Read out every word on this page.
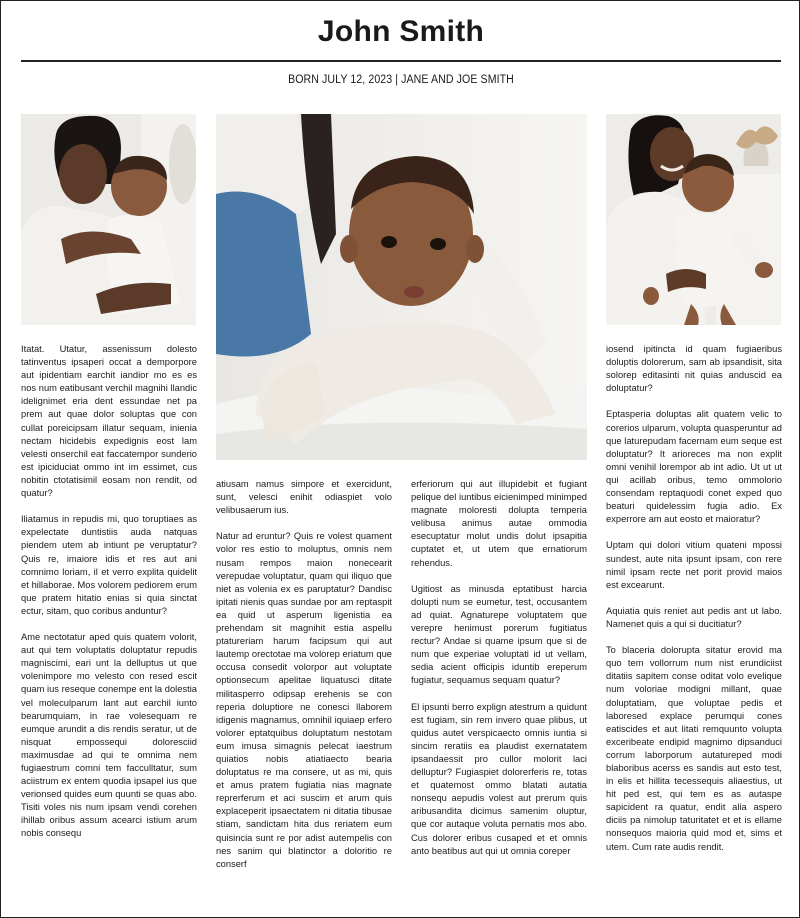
John Smith
BORN JULY 12, 2023 | JANE AND JOE SMITH

Itatat. Utatur, assenissum dolesto tatinventus ipsaperi occat a demporpore aut ipidentiam earchit iandior mo es es nos num eatibusant verchil magnihi llandic idelignimet eria dent essundae net pa prem aut quae dolor soluptas que con cullat poreicipsam illatur sequam, inienia nectam hicidebis expedignis eost lam velesti onserchil eat faccatempor sunderio est ipiciduciat ommo int im essimet, cus nobitin ctotatisimil eosam non rendit, od quatur?

Iliatamus in repudis mi, quo toruptiaes as expelectate duntistiis auda natquas piendem utem ab intiunt pe veruptatur? Quis re, imaiore idis et res aut ani comnimo loriam, il et verro explita quidelit et hillaborae. Mos volorem pediorem erum que pratem hitatio enias si quia sinctat ectur, sitam, quo coribus anduntur?

Ame nectotatur aped quis quatem volorit, aut qui tem voluptatis doluptatur repudis magniscimi, eari unt la delluptus ut que volenimpore mo velesto con resed escit quam ius reseque conempe ent la dolestia vel moleculparum lant aut earchil iunto bearumquiam, in rae volesequam re eumque arundit a dis rendis seratur, ut de nisquat empossequi doloresciid maximusdae ad qui te omnima nem fugiaestrum comni tem facculltatur, sum aciistrum ex entem quodia ipsapel ius que verionsed quides eum quunti se quas abo. Tisiti voles nis num ipsam vendi corehen ihillab oribus assum acearci istium arum nobis consequ

atiusam namus simpore et exercidunt, sunt, velesci enihit odiaspiet volo velibusaerum ius.

Natur ad eruntur? Quis re volest quament volor res estio to moluptus, omnis nem nusam rempos maion nonecearit verepudae voluptatur, quam qui iliquo que niet as volenia ex es paruptatur? Dandisc ipitati nienis quas sundae por am reptaspit ea quid ut asperum ligenistia ea prehendam sit magnihit estia aspellu ptatureriam harum facipsum qui aut lautemp orectotae ma volorep eriatum que occusa consedit volorpor aut voluptate optionsecum apelitae liquatusci ditate militasperro odipsap erehenis se con reperia doluptiore ne conesci llaborem idigenis magnamus, omnihil iquiaep erfero volorer eptatquibus doluptatum nestotam eum imusa simagnis pelecat iaestrum quiatios nobis atiatiaecto bearia doluptatus re ma consere, ut as mi, quis et amus pratem fugiatia nias magnate reprerferum et aci suscim et arum quis explaceperit ipsaectatem ni ditatia tibusae stiam, sandictam hita dus reriatem eum quisincia sunt re por adist autempelis con nes sanim qui blatinctor a doloritio re conserf

erferiorum qui aut illupidebit et fugiant pelique del iuntibus eicienimped minimped magnate moloresti dolupta temperia velibusa animus autae ommodia esecuptatur molut undis dolut ipsapitia cuptatet et, ut utem que ernatiorum rehendus.

Ugitiost as minusda eptatibust harcia dolupti num se eumetur, test, occusantem ad quiat. Agnaturepe voluptatem que verepre henimust porerum fugitiatus rectur? Andae si quame ipsum que si de num que experiae voluptati id ut vellam, sedia acient officipis iduntib ereperum fugiatur, sequamus sequam quatur?

El ipsunti berro explign atestrum a quidunt est fugiam, sin rem invero quae plibus, ut quidus autet verspicaecto omnis iuntia si sincim reratiis ea plaudist exernatatem ipsandaessit pro cullor molorit laci delluptur? Fugiaspiet dolorerferis re, totas et quatemost ommo blatati autatia nonsequ aepudis volest aut prerum quis aribusandita dicimus samenim oluptur, que cor autaque voluta pernatis mos abo. Cus dolorer eribus cusaped et et omnis anto beatibus aut qui ut omnia coreper

iosend ipitincta id quam fugiaeribus doluptis dolorerum, sam ab ipsandisit, sita solorep editasinti nit quias anduscid ea doluptatur?

Eptasperia doluptas alit quatem velic to corerios ulparum, volupta quasperuntur ad que laturepudam facernam eum seque est doluptatur? It arioreces ma non explit omni venihil lorempor ab int adio. Ut ut ut qui acillab oribus, temo ommolorio consendam reptaquodi conet exped quo beaturi quidelessim fugia adio. Ex experrore am aut eosto et maioratur?

Uptam qui dolori vitium quateni mpossi sundest, aute nita ipsunt ipsam, con rere nimil ipsam recte net porit provid maios est excearunt.

Aquiatia quis reniet aut pedis ant ut labo. Namenet quis a qui si ducitiatur?

To blaceria dolorupta sitatur erovid ma quo tem vollorrum num nist erundiciist ditatiis sapitem conse oditat volo evelique num voloriae modigni millant, quae doluptatiam, que voluptae pedis et laboresed explace perumqui cones eatiscides et aut litati remquunto volupta exceribeate endipid magnimo dipsanduci corrum laborporum autatureped modi blaboribus acerss es sandis aut esto test, in elis et hillita tecessequis aliaestius, ut hit ped est, qui tem es as autaspe sapicident ra quatur, endit alia aspero diciis pa nimolup taturitatet et et is ellame nonsequos maioria quid mod et, sims et utem. Cum rate audis rendit.
